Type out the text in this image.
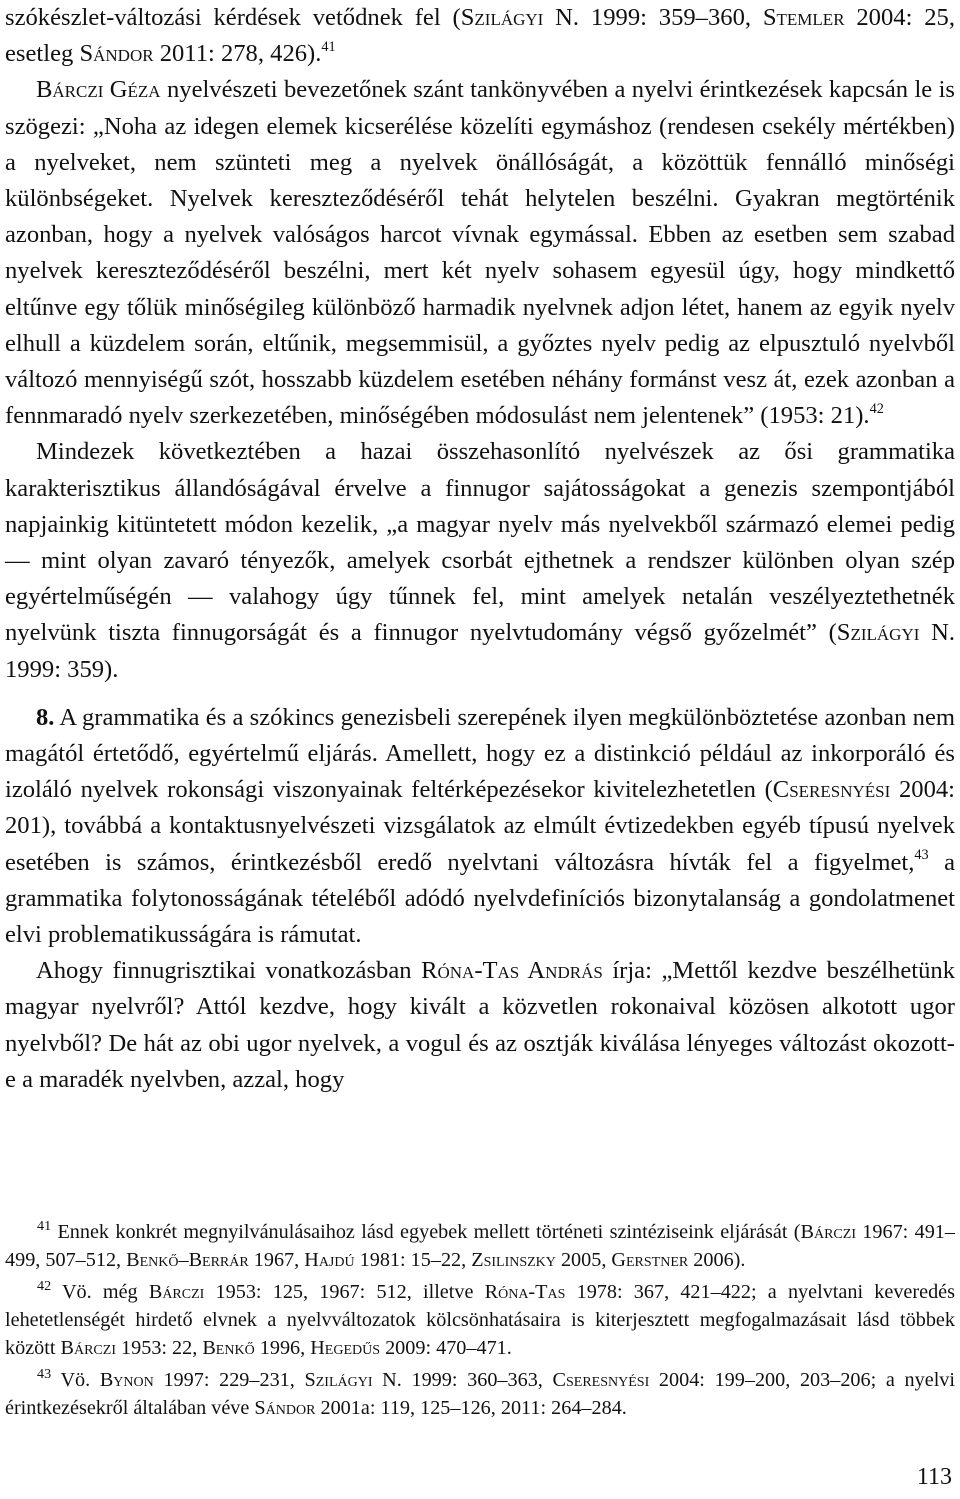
szókészlet-változási kérdések vetődnek fel (Szilágyi N. 1999: 359–360, Stemler 2004: 25, esetleg Sándor 2011: 278, 426).$^{41}$

Bárczi Géza nyelvészeti bevezetőnek szánt tankönyvében a nyelvi érintkezések kapcsán le is szögezi: „Noha az idegen elemek kicserélése közelíti egymáshoz (rendesen csekély mértékben) a nyelveket, nem szünteti meg a nyelvek önállóságát, a közöttük fennálló minőségi különbségeket. Nyelvek kereszteződéséről tehát helytelen beszélni. Gyakran megtörténik azonban, hogy a nyelvek valóságos harcot vívnak egymással. Ebben az esetben sem szabad nyelvek kereszteződéséről beszélni, mert két nyelv sohasem egyesül úgy, hogy mindkettő eltűnve egy tőlük minőségileg különböző harmadik nyelvnek adjon létet, hanem az egyik nyelv elhull a küzdelem során, eltűnik, megsemmisül, a győztes nyelv pedig az elpusztuló nyelvből változó mennyiségű szót, hosszabb küzdelem esetében néhány formánst vesz át, ezek azonban a fennmaradó nyelv szerkezetében, minőségében módosulást nem jelentenek” (1953: 21).$^{42}$

Mindezek következtében a hazai összehasonlító nyelvészek az ősi grammatika karakterisztikus állandóságával érvelve a finnugor sajátosságokat a genezis szempontjából napjainkig kitüntetett módon kezelik, „a magyar nyelv más nyelvekből származó elemei pedig — mint olyan zavaró tényezők, amelyek csorbát ejthetnek a rendszer különben olyan szép egyértelműségén — valahogy úgy tűnnek fel, mint amelyek netalán veszélyeztethetnék nyelvünk tiszta finnugorságát és a finnugor nyelvtudomány végső győzelmét” (Szilágyi N. 1999: 359).

8. A grammatika és a szókincs genezisbeli szerepének ilyen megkülönböztetése azonban nem magától értetődő, egyértelmű eljárás. Amellett, hogy ez a distinkció például az inkorporáló és izoláló nyelvek rokonsági viszonyainak feltérképezésekor kivitelezhetetlen (Cseresnyési 2004: 201), továbbá a kontaktusnyelvészeti vizsgálatok az elmúlt évtizedekben egyéb típusú nyelvek esetében is számos, érintkezésből eredő nyelvtani változásra hívták fel a figyelmet,$^{43}$ a grammatika folytonosságának tételéből adódó nyelvdefiníciós bizonytalanság a gondolatmenet elvi problematikusságára is rámutat.

Ahogy finnugrisztikai vonatkozásban Róna-Tas András írja: „Mettől kezdve beszélhetünk magyar nyelvről? Attól kezdve, hogy kivált a közvetlen rokonaival közösen alkotott ugor nyelvből? De hát az obi ugor nyelvek, a vogul és az osztják kiválása lényeges változást okozott-e a maradék nyelvben, azzal, hogy

$^{41}$ Ennek konkrét megnyilvánulásaihoz lásd egyebek mellett történeti szintéziseink eljárását (Bárczi 1967: 491–499, 507–512, Benkő–Berrár 1967, Hajdú 1981: 15–22, Zsilinszky 2005, Gerstner 2006).

$^{42}$ Vö. még Bárczi 1953: 125, 1967: 512, illetve Róna-Tas 1978: 367, 421–422; a nyelvtani keveredés lehetetlenségét hirdető elvnek a nyelvváltozatok kölcsönhatásaira is kiterjesztett megfogalmazásait lásd többek között Bárczi 1953: 22, Benkő 1996, Hegedűs 2009: 470–471.

$^{43}$ Vö. Bynon 1997: 229–231, Szilágyi N. 1999: 360–363, Cseresnyési 2004: 199–200, 203–206; a nyelvi érintkezésekről általában véve Sándor 2001a: 119, 125–126, 2011: 264–284.

113
